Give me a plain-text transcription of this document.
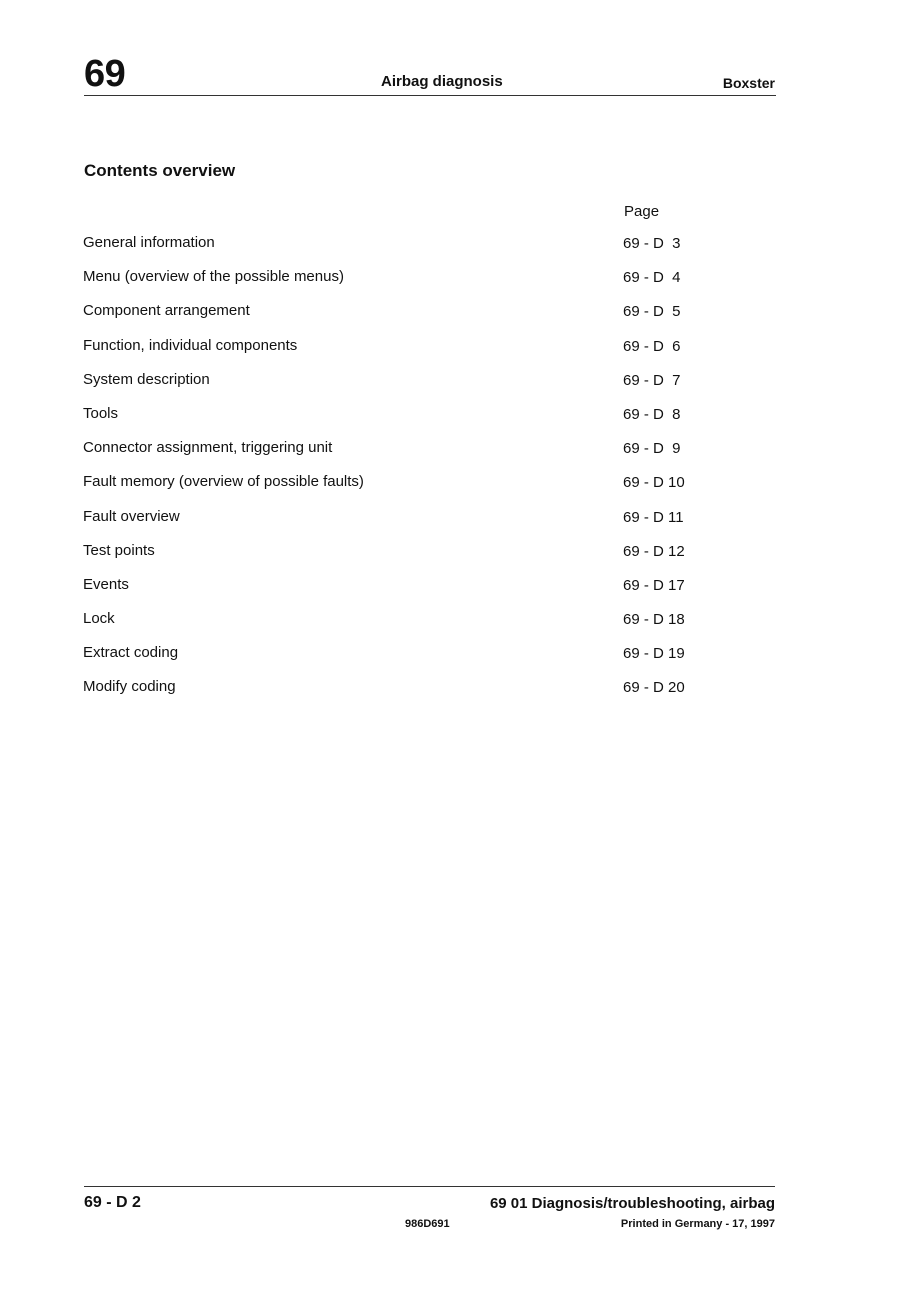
69	Airbag diagnosis	Boxster
Contents overview
Page
General information	69 - D  3
Menu (overview of the possible menus)	69 - D  4
Component arrangement	69 - D  5
Function, individual components	69 - D  6
System description	69 - D  7
Tools	69 - D  8
Connector assignment, triggering unit	69 - D  9
Fault memory (overview of possible faults)	69 - D 10
Fault overview	69 - D 11
Test points	69 - D 12
Events	69 - D 17
Lock	69 - D 18
Extract coding	69 - D 19
Modify coding	69 - D 20
69 - D 2	69 01 Diagnosis/troubleshooting, airbag
986D691	Printed in Germany - 17, 1997
